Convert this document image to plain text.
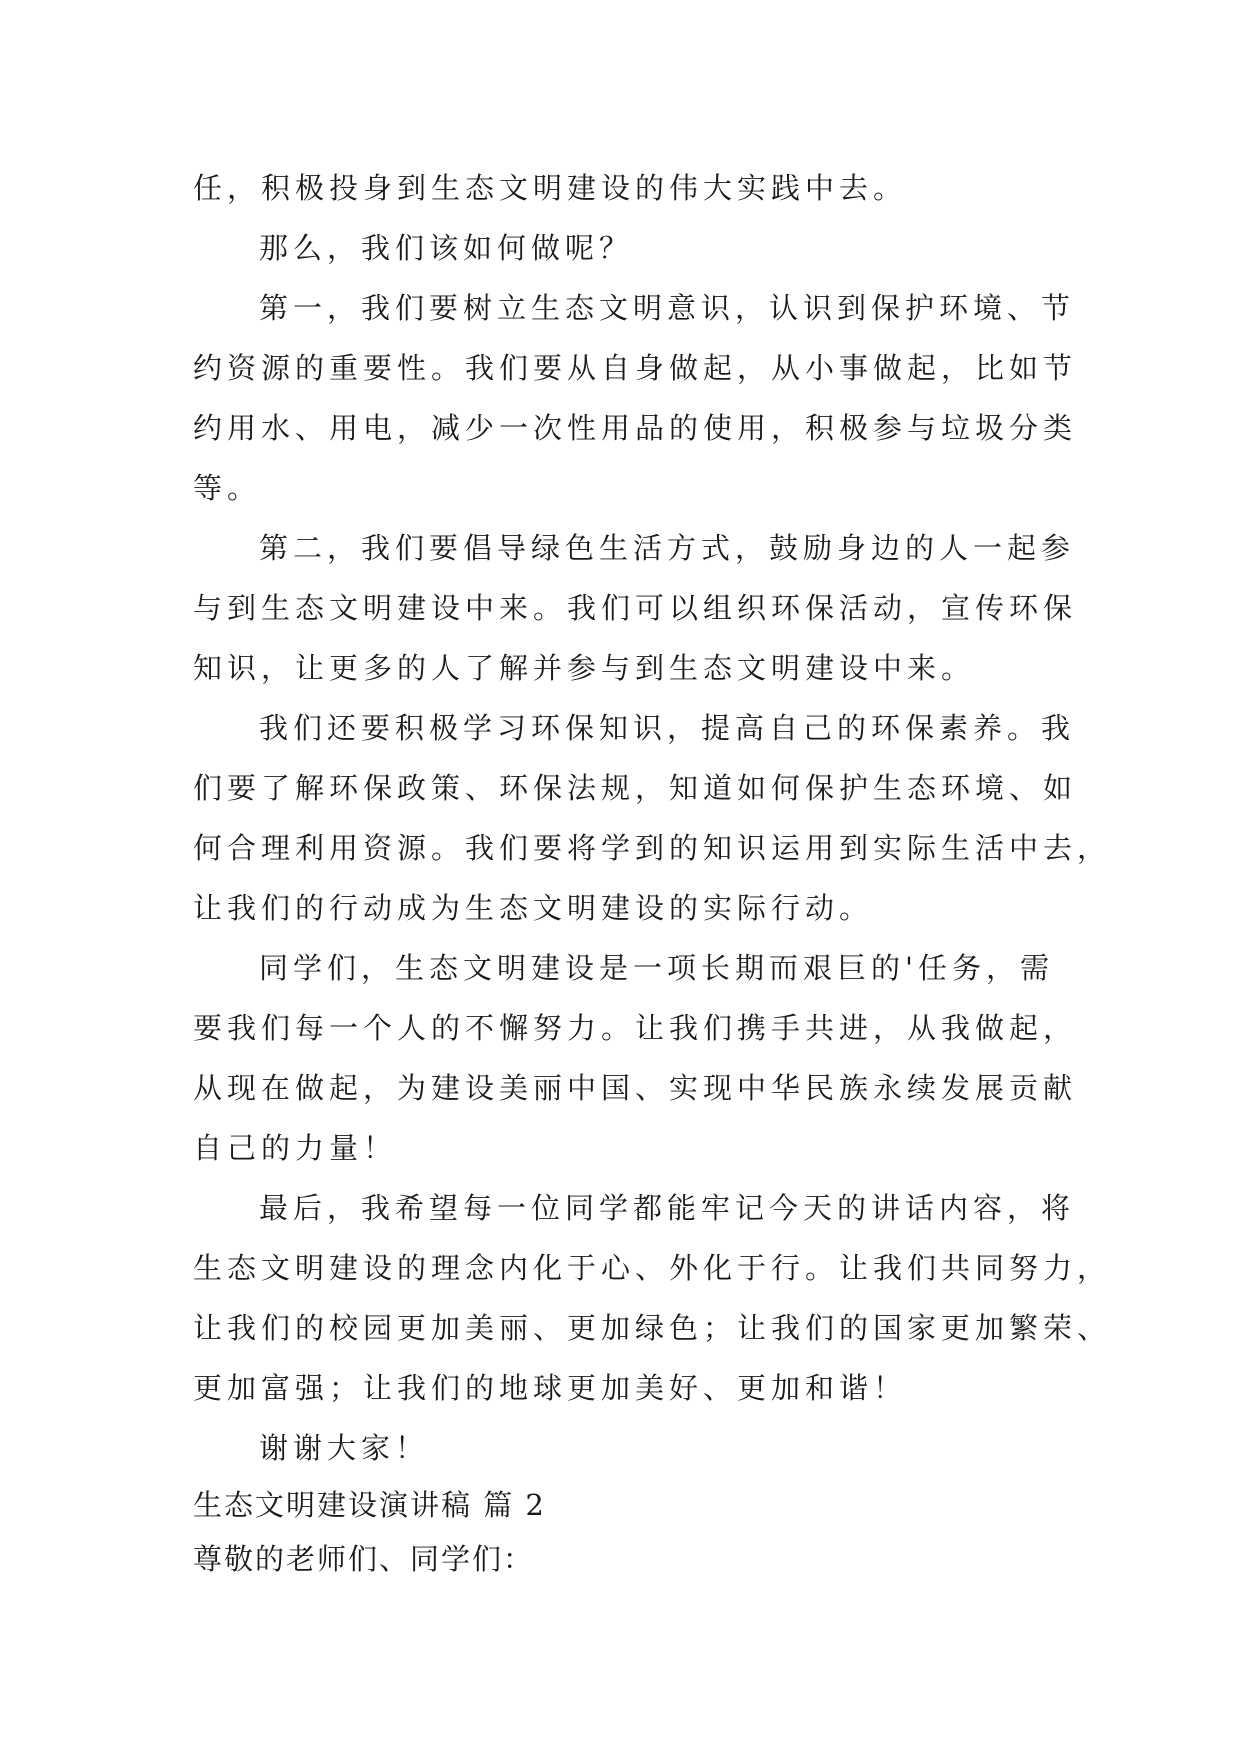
任，积极投身到生态文明建设的伟大实践中去。
那么，我们该如何做呢？
第一，我们要树立生态文明意识，认识到保护环境、节
约资源的重要性。我们要从自身做起，从小事做起，比如节
约用水、用电，减少一次性用品的使用，积极参与垃圾分类
等。
第二，我们要倡导绿色生活方式，鼓励身边的人一起参
与到生态文明建设中来。我们可以组织环保活动，宣传环保
知识，让更多的人了解并参与到生态文明建设中来。
我们还要积极学习环保知识，提高自己的环保素养。我
们要了解环保政策、环保法规，知道如何保护生态环境、如
何合理利用资源。我们要将学到的知识运用到实际生活中去，
让我们的行动成为生态文明建设的实际行动。
同学们，生态文明建设是一项长期而艰巨的'任务，需
要我们每一个人的不懈努力。让我们携手共进，从我做起，
从现在做起，为建设美丽中国、实现中华民族永续发展贡献
自己的力量！
最后，我希望每一位同学都能牢记今天的讲话内容，将
生态文明建设的理念内化于心、外化于行。让我们共同努力，
让我们的校园更加美丽、更加绿色；让我们的国家更加繁荣、
更加富强；让我们的地球更加美好、更加和谐！
谢谢大家！
生态文明建设演讲稿 篇 2
尊敬的老师们、同学们：
